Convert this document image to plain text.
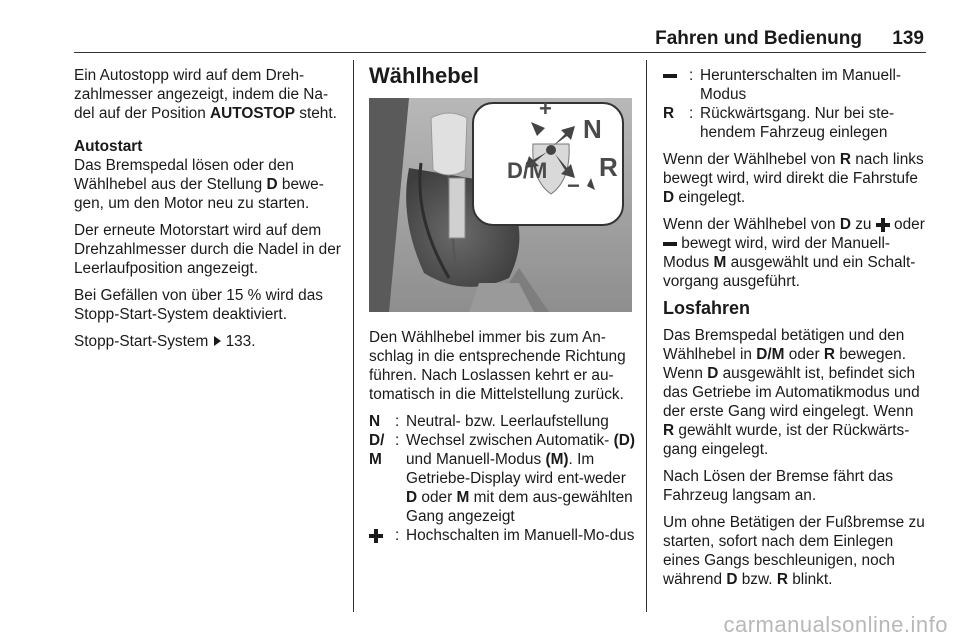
Fahren und Bedienung 139

Ein Autostopp wird auf dem Dreh-zahlmesser angezeigt, indem die Na-del auf der Position AUTOSTOP steht.

Autostart

Das Bremspedal lösen oder den Wählhebel aus der Stellung D bewe-gen, um den Motor neu zu starten.

Der erneute Motorstart wird auf dem Drehzahlmesser durch die Nadel in der Leerlaufposition angezeigt.

Bei Gefällen von über 15 % wird das Stopp-Start-System deaktiviert.

Stopp-Start-System 133.

Wählhebel

D/M
N
R
+
−

Den Wählhebel immer bis zum An-schlag in die entsprechende Richtung führen. Nach Loslassen kehrt er au-tomatisch in die Mittelstellung zurück.

N : Neutral- bzw. Leerlaufstellung
D/ M
: Wechsel zwischen Automatik- (D) und Manuell-Modus (M). Im Getriebe-Display wird ent-weder D oder M mit dem aus-gewählten Gang angezeigt
: Hochschalten im Manuell-Mo-dus
: Herunterschalten im Manuell-Modus
R : Rückwärtsgang. Nur bei ste-hendem Fahrzeug einlegen

Wenn der Wählhebel von R nach links bewegt wird, wird direkt die Fahrstufe D eingelegt.

Wenn der Wählhebel von D zu  oder  bewegt wird, wird der Manuell-Modus M ausgewählt und ein Schalt-vorgang ausgeführt.

Losfahren

Das Bremspedal betätigen und den Wählhebel in D/M oder R bewegen. Wenn D ausgewählt ist, befindet sich das Getriebe im Automatikmodus und der erste Gang wird eingelegt. Wenn R gewählt wurde, ist der Rückwärts-gang eingelegt.

Nach Lösen der Bremse fährt das Fahrzeug langsam an.

Um ohne Betätigen der Fußbremse zu starten, sofort nach dem Einlegen eines Gangs beschleunigen, noch während D bzw. R blinkt.

carmanualsonline.info
